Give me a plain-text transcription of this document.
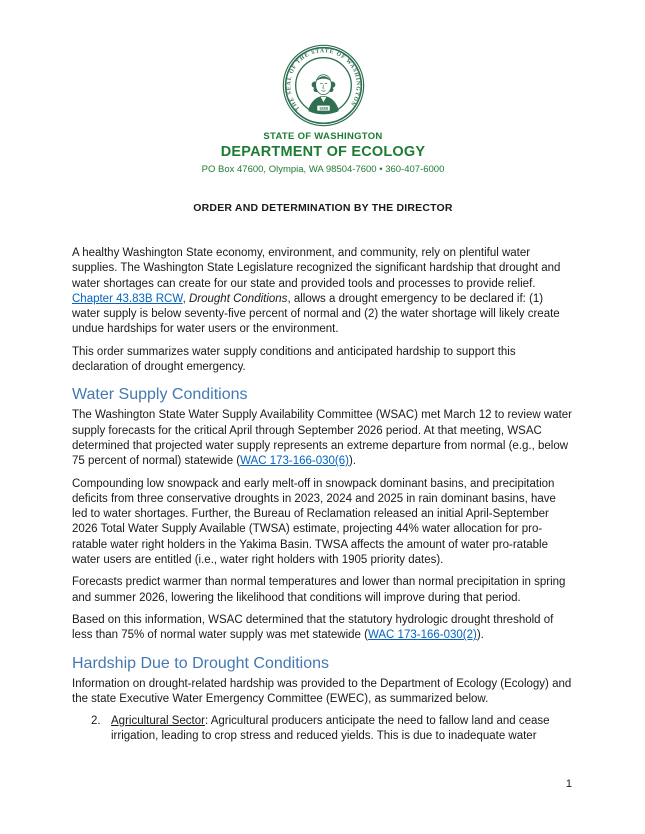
THE SEAL OF THE STATE OF WASHINGTON
1889
STATE OF WASHINGTON
DEPARTMENT OF ECOLOGY
PO Box 47600, Olympia, WA 98504-7600 • 360-407-6000
ORDER AND DETERMINATION BY THE DIRECTOR

A healthy Washington State economy, environment, and community, rely on plentiful water supplies. The Washington State Legislature recognized the significant hardship that drought and water shortages can create for our state and provided tools and processes to provide relief. Chapter 43.83B RCW, Drought Conditions, allows a drought emergency to be declared if: (1) water supply is below seventy-five percent of normal and (2) the water shortage will likely create undue hardships for water users or the environment.

This order summarizes water supply conditions and anticipated hardship to support this declaration of drought emergency.

Water Supply Conditions

The Washington State Water Supply Availability Committee (WSAC) met March 12 to review water supply forecasts for the critical April through September 2026 period. At that meeting, WSAC determined that projected water supply represents an extreme departure from normal (e.g., below 75 percent of normal) statewide (WAC 173-166-030(6)).

Compounding low snowpack and early melt-off in snowpack dominant basins, and precipitation deficits from three conservative droughts in 2023, 2024 and 2025 in rain dominant basins, have led to water shortages. Further, the Bureau of Reclamation released an initial April-September 2026 Total Water Supply Available (TWSA) estimate, projecting 44% water allocation for pro-ratable water right holders in the Yakima Basin. TWSA affects the amount of water pro-ratable water users are entitled (i.e., water right holders with 1905 priority dates).

Forecasts predict warmer than normal temperatures and lower than normal precipitation in spring and summer 2026, lowering the likelihood that conditions will improve during that period.

Based on this information, WSAC determined that the statutory hydrologic drought threshold of less than 75% of normal water supply was met statewide (WAC 173-166-030(2)).

Hardship Due to Drought Conditions

Information on drought-related hardship was provided to the Department of Ecology (Ecology) and the state Executive Water Emergency Committee (EWEC), as summarized below.

2. Agricultural Sector: Agricultural producers anticipate the need to fallow land and cease irrigation, leading to crop stress and reduced yields. This is due to inadequate water
1
